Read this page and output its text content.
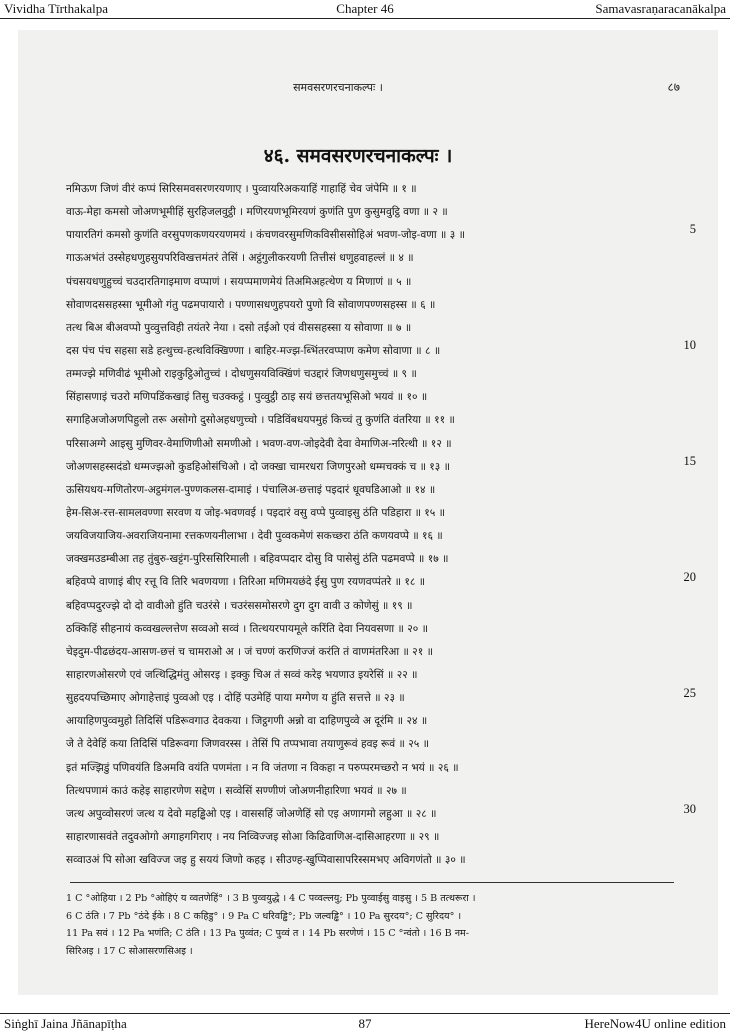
Vividha Tīrthakalpa	Chapter 46	Samavasraṇaracanākalpa
समवसरणरचनाकल्पः ।	८७
४६. समवसरणरचनाकल्पः ।
नमिऊण जिणं वीरं कप्पं सिरिसमवसरणरयणाए । पुव्वायरिअकयाहिं गाहाहिं चेव जंपेमि ॥ १ ॥
वाऊ-मेहा कमसो जोअणभूमीहिं सुरहिजलवुट्ठी । मणिरयणभूमिरयणं कुणंति पुण कुसुमवुट्ठि वणा ॥ २ ॥
पायारतिगं कमसो कुणंति वरसुपणकणयरयणमयं । कंचणवरसुमणिकविसीससोहिअं भवण-जोइ-वणा ॥ ३ ॥
गाऊअभंतं उस्सेहधणुहसुयपरिविखत्तमंतरं तेसिं । अट्ठंगुलीकरयणी तित्तीसं धणुहवाहल्लं ॥ ४ ॥
पंचसयधणुहुच्चं चउदारतिगाइमाण वप्पाणं । सयप्पमाणमेयं तिअमिअहत्थेण य मिणाणं ॥ ५ ॥
सोवाणदससहस्सा भूमीओ गंतु पढमपायारो । पण्णासधणुहपयरो पुणो वि सोवाणपण्णसहस्स ॥ ६ ॥
तत्थ बिअ बीअवप्पो पुव्वुत्तविही तयंतरे नेया । दसो तईओ एवं वीससहस्सा य सोवाणा ॥ ७ ॥
दस पंच पंच सहसा सडे हत्थुच्च-हत्थविक्खिण्णा । बाहिर-मज्झ-ब्भिंतरवप्पाण कमेण सोवाणा ॥ ८ ॥
तम्मज्झे मणिवीढं भूमीओ राइकुट्ठिओतुच्चं । दोधणुसयविक्खिंणं चउद्दारं जिणधणुसमुच्चं ॥ ९ ॥
सिंहासणाइं चउरो मणिपडिंकखाइं तिसु चउक्कट्ठं । पुव्वुट्ठी ठाइ सयं छत्ततयभूसिओ भयवं ॥ १० ॥
सगाहिअजोअणपिहुलो तरू असोगो दुसोअहधणुच्चो । पडिविंबधयपमुहं किच्चं तु कुणंति वंतरिया ॥ ११ ॥
परिसाअग्गे आइसु मुणिवर-वेमाणिणीओ समणीओ । भवण-वण-जोइदेवी देवा वेमाणिअ-नरित्थी ॥ १२ ॥
जोअणसहस्सदंडो धम्मज्झओ कुडहिओसंचिओ । दो जक्खा चामरधरा जिणपुरओ धम्मचक्कं च ॥ १३ ॥
ऊसियधय-मणितोरण-अट्ठमंगल-पुण्णकलस-दामाइं । पंचालिअ-छत्ताइं पइदारं धूवघडिआओ ॥ १४ ॥
हेम-सिअ-रत्त-सामलवण्णा सरवण य जोइ-भवणवई । पइदारं वसु वप्पे पुव्वाइसु ठंति पडिहारा ॥ १५ ॥
जयविजयाजिय-अवराजियनामा रत्तकणयनीलाभा । देवी पुव्वकमेणं सकच्छरा ठंति कणयवप्पे ॥ १६ ॥
जक्खमउडम्बीआ तह तुंबुरु-खट्टंग-पुरिससिरिमाली । बहिवप्पदार दोसु वि पासेसुं ठंति पढमवप्पे ॥ १७ ॥
बहिवप्पे वाणाइं बीए रत्तू वि तिरि भवणयणा । तिरिआ मणिमयछंदे ईसु पुण रयणवप्पंतरे ॥ १८ ॥
बहिवप्पदुरज्झे दो दो वावीओ हुंति चउरंसे । चउरंससमोसरणे दुग दुग वावी उ कोणेसुं ॥ १९ ॥
ठक्किहिं सीहनायं कव्वखल्लत्तेण सव्वओ सव्वं । तित्थयरपायमूले करिंति देवा नियवसणा ॥ २० ॥
चेइदुम-पीढछंदय-आसण-छत्तं च चामराओ अ । जं चण्णं करणिज्जं करंति तं वाणमंतरिआ ॥ २१ ॥
साहारणओसरणे एवं जत्थिद्धिमंतु ओसरइ । इक्कु चिअ तं सव्वं करेइ भयणाउ इयरेसिं ॥ २२ ॥
सुहदयपच्छिमाए ओगाहेत्ताइं पुव्वओ एइ । दोहिं पउमेहिं पाया मग्गेण य हुंति सत्तत्ते ॥ २३ ॥
आयाहिणपुव्वमुहो तिदिसिं पडिरूवगाउ देवकया । जिट्ठगणी अन्नो वा दाहिणपुव्वे अ दूरंमि ॥ २४ ॥
जे ते देवेहिं कया तिदिसिं पडिरूवगा जिणवरस्स । तेसिं पि तप्पभावा तयाणुरूवं हवइ रूवं ॥ २५ ॥
इतं मज्झिडुं पणिवयंति डिअमवि वयंति पणमंता । न वि जंतणा न विकहा न परुप्परमच्छरो न भयं ॥ २६ ॥
तित्थपणामं काउं कहेइ साहारणेण सद्देण । सव्वेसिं सण्णीणं जोअणनीहारिणा भयवं ॥ २७ ॥
जत्थ अपुव्वोसरणं जत्थ य देवो महड्ढिओ एइ । वाससहिं जोअणेहिं सो एइ अणागमो लहुआ ॥ २८ ॥
साहारणासवंते तदुवओगो अगाहगगिराए । नय निव्विज्जइ सोआ किढिवाणिअ-दासिआहरणा ॥ २९ ॥
सव्वाउअं पि सोआ खविज्ज जइ हु सययं जिणो कहइ । सीउण्ह-खुप्पिवासापरिस्समभए अविगणंतो ॥ ३० ॥
5
10
15
20
25
30
1 C °ओहिया । 2 Pb °ओहिएं य व्वतणेहिं° । 3 B पुव्वयुद्धे । 4 C पव्वल्लयु; Pb पुव्वाईसु वाइसु । 5 B तत्थरूरा ।
6 C ठंति । 7 Pb °ठंदे ईके । 8 C कहिडु° । 9 Pa C धरिवड्ढि°; Pb जल्वड्ढि° । 10 Pa सुरदय°; C सुरिदय° ।
11 Pa सवं । 12 Pa भणंति; C ठंति । 13 Pa पुव्वंत; C पुव्वं त । 14 Pb सरणेणं । 15 C °न्वंतो । 16 B नम-
सिरिअइ । 17 C सोआसरणसिअइ ।
Siṅghī Jaina Jñānapīṭha	87	HereNow4U online edition
